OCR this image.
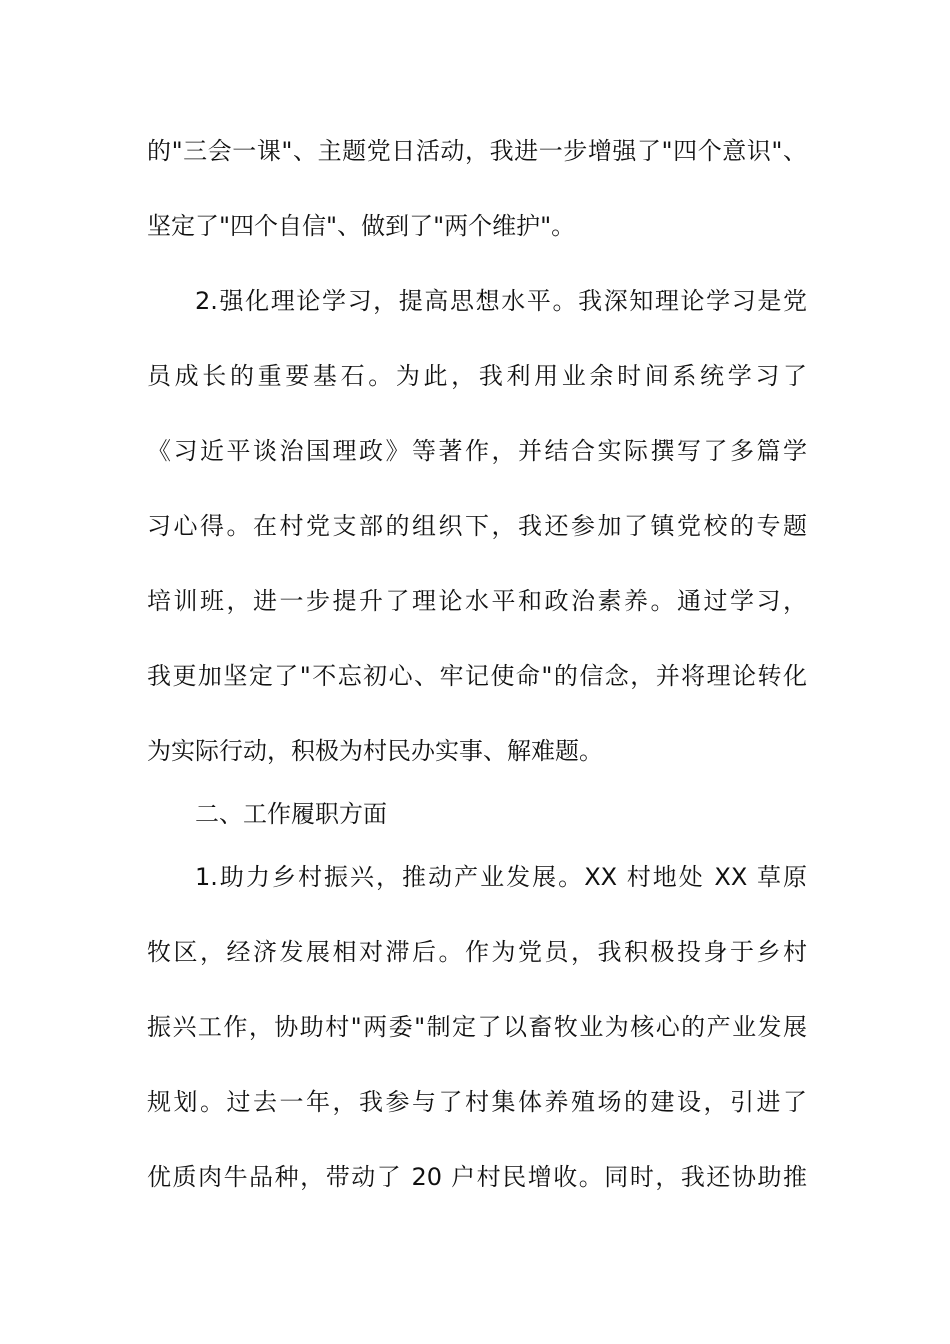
的"三会一课"、主题党日活动，我进一步增强了"四个意识"、
坚定了"四个自信"、做到了"两个维护"。
2.强化理论学习，提高思想水平。我深知理论学习是党
员成长的重要基石。为此，我利用业余时间系统学习了
《习近平谈治国理政》等著作，并结合实际撰写了多篇学
习心得。在村党支部的组织下，我还参加了镇党校的专题
培训班，进一步提升了理论水平和政治素养。通过学习，
我更加坚定了"不忘初心、牢记使命"的信念，并将理论转化
为实际行动，积极为村民办实事、解难题。
二、工作履职方面
1.助力乡村振兴，推动产业发展。XX 村地处 XX 草原
牧区，经济发展相对滞后。作为党员，我积极投身于乡村
振兴工作，协助村"两委"制定了以畜牧业为核心的产业发展
规划。过去一年，我参与了村集体养殖场的建设，引进了
优质肉牛品种，带动了 20 户村民增收。同时，我还协助推
